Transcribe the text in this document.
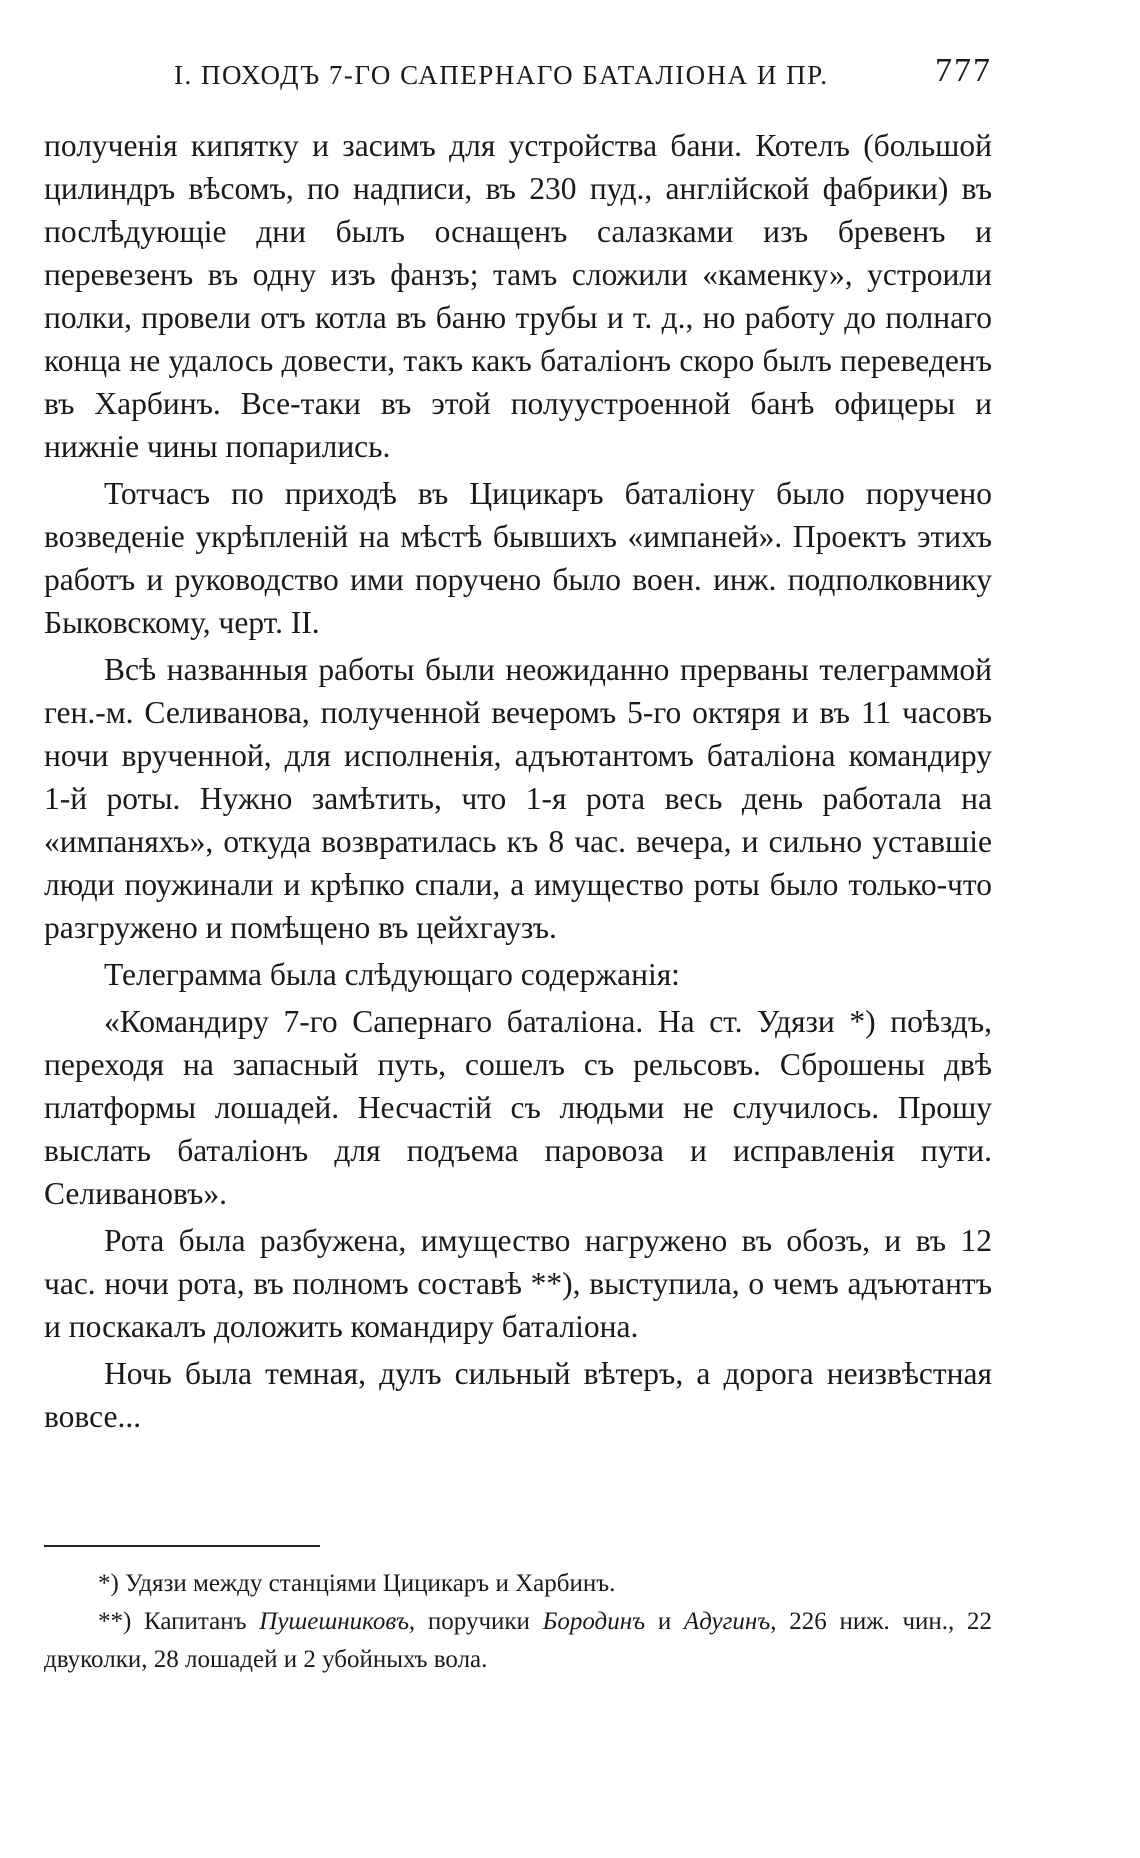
I. ПОХОДЪ 7-ГО САПЕРНАГО БАТАЛІОНА И ПР.	777

полученія кипятку и засимъ для устройства бани. Котелъ (большой цилиндръ вѣсомъ, по надписи, въ 230 пуд., англійской фабрики) въ послѣдующіе дни былъ оснащенъ салазками изъ бревенъ и перевезенъ въ одну изъ фанзъ; тамъ сложили «каменку», устроили полки, провели отъ котла въ баню трубы и т. д., но работу до полнаго конца не удалось довести, такъ какъ баталіонъ скоро былъ переведенъ въ Харбинъ. Все-таки въ этой полуустроенной банѣ офицеры и нижніе чины попарились.

Тотчасъ по приходѣ въ Цицикаръ баталіону было поручено возведеніе укрѣпленій на мѣстѣ бывшихъ «импаней». Проектъ этихъ работъ и руководство ими поручено было воен. инж. подполковнику Быковскому, черт. II.

Всѣ названныя работы были неожиданно прерваны телеграммой ген.-м. Селиванова, полученной вечеромъ 5-го октяря и въ 11 часовъ ночи врученной, для исполненія, адъютантомъ баталіона командиру 1-й роты. Нужно замѣтить, что 1-я рота весь день работала на «импаняхъ», откуда возвратилась къ 8 час. вечера, и сильно уставшіе люди поужинали и крѣпко спали, а имущество роты было только-что разгружено и помѣщено въ цейхгаузъ.

Телеграмма была слѣдующаго содержанія:

«Командиру 7-го Сапернаго баталіона. На ст. Удязи *) поѣздъ, переходя на запасный путь, сошелъ съ рельсовъ. Сброшены двѣ платформы лошадей. Несчастій съ людьми не случилось. Прошу выслать баталіонъ для подъема паровоза и исправленія пути. Селивановъ».

Рота была разбужена, имущество нагружено въ обозъ, и въ 12 час. ночи рота, въ полномъ составѣ **), выступила, о чемъ адъютантъ и поскакалъ доложить командиру баталіона.

Ночь была темная, дулъ сильный вѣтеръ, а дорога неизвѣстная вовсе...

*) Удязи между станціями Цицикаръ и Харбинъ.

**) Капитанъ Пушешниковъ, поручики Бородинъ и Адугинъ, 226 ниж. чин., 22 двуколки, 28 лошадей и 2 убойныхъ вола.
